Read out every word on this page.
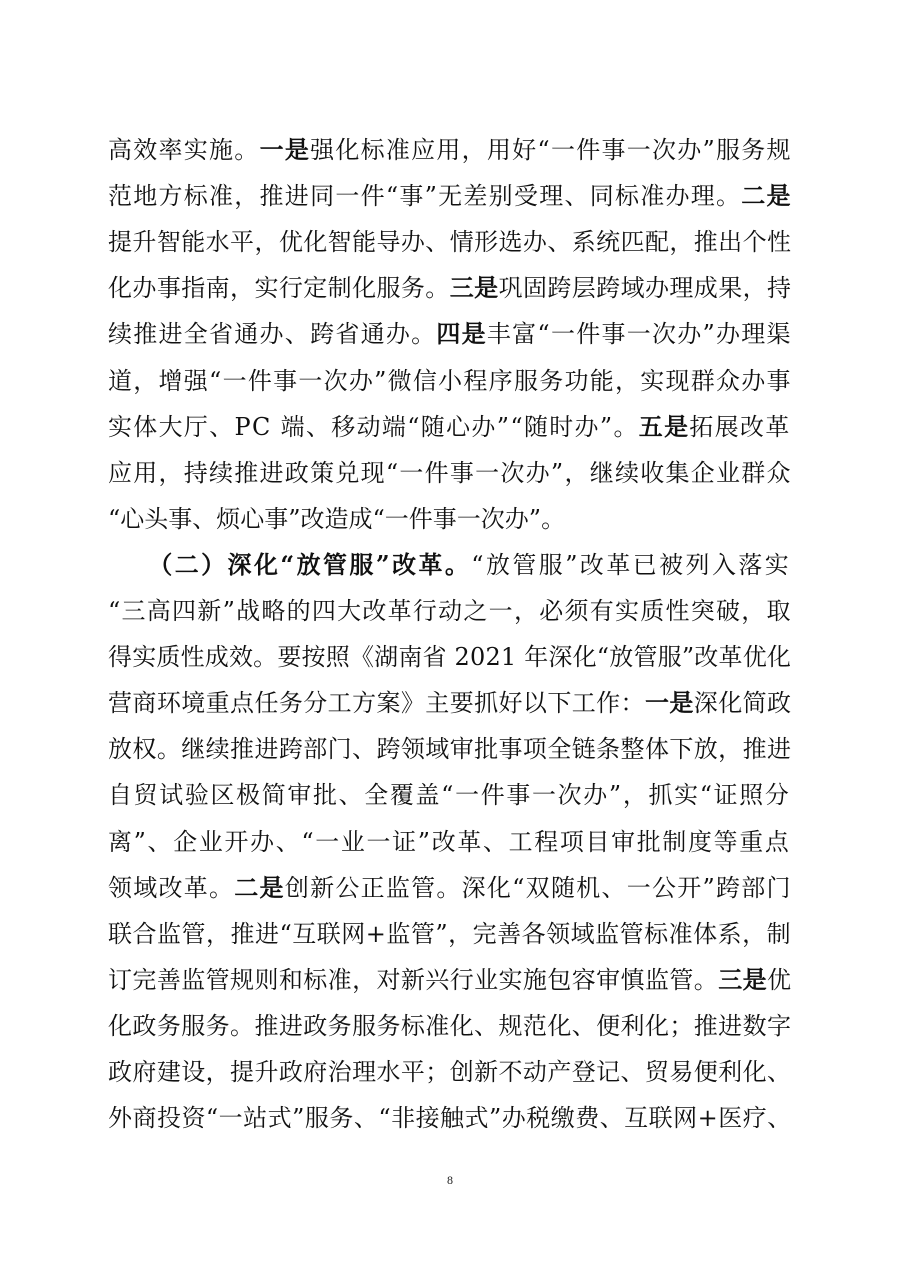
高效率实施。一是强化标准应用，用好“一件事一次办”服务规
范地方标准，推进同一件“事”无差别受理、同标准办理。二是
提升智能水平，优化智能导办、情形选办、系统匹配，推出个性
化办事指南，实行定制化服务。三是巩固跨层跨域办理成果，持
续推进全省通办、跨省通办。四是丰富“一件事一次办”办理渠
道，增强“一件事一次办”微信小程序服务功能，实现群众办事
实体大厅、PC 端、移动端“随心办”“随时办”。五是拓展改革
应用，持续推进政策兑现“一件事一次办”，继续收集企业群众
“心头事、烦心事”改造成“一件事一次办”。
（二）深化“放管服”改革。“放管服”改革已被列入落实
“三高四新”战略的四大改革行动之一，必须有实质性突破，取
得实质性成效。要按照《湖南省 2021 年深化“放管服”改革优化
营商环境重点任务分工方案》主要抓好以下工作：一是深化简政
放权。继续推进跨部门、跨领域审批事项全链条整体下放，推进
自贸试验区极简审批、全覆盖“一件事一次办”，抓实“证照分
离”、企业开办、“一业一证”改革、工程项目审批制度等重点
领域改革。二是创新公正监管。深化“双随机、一公开”跨部门
联合监管，推进“互联网+监管”，完善各领域监管标准体系，制
订完善监管规则和标准，对新兴行业实施包容审慎监管。三是优
化政务服务。推进政务服务标准化、规范化、便利化；推进数字
政府建设，提升政府治理水平；创新不动产登记、贸易便利化、
外商投资“一站式”服务、“非接触式”办税缴费、互联网+医疗、
8
